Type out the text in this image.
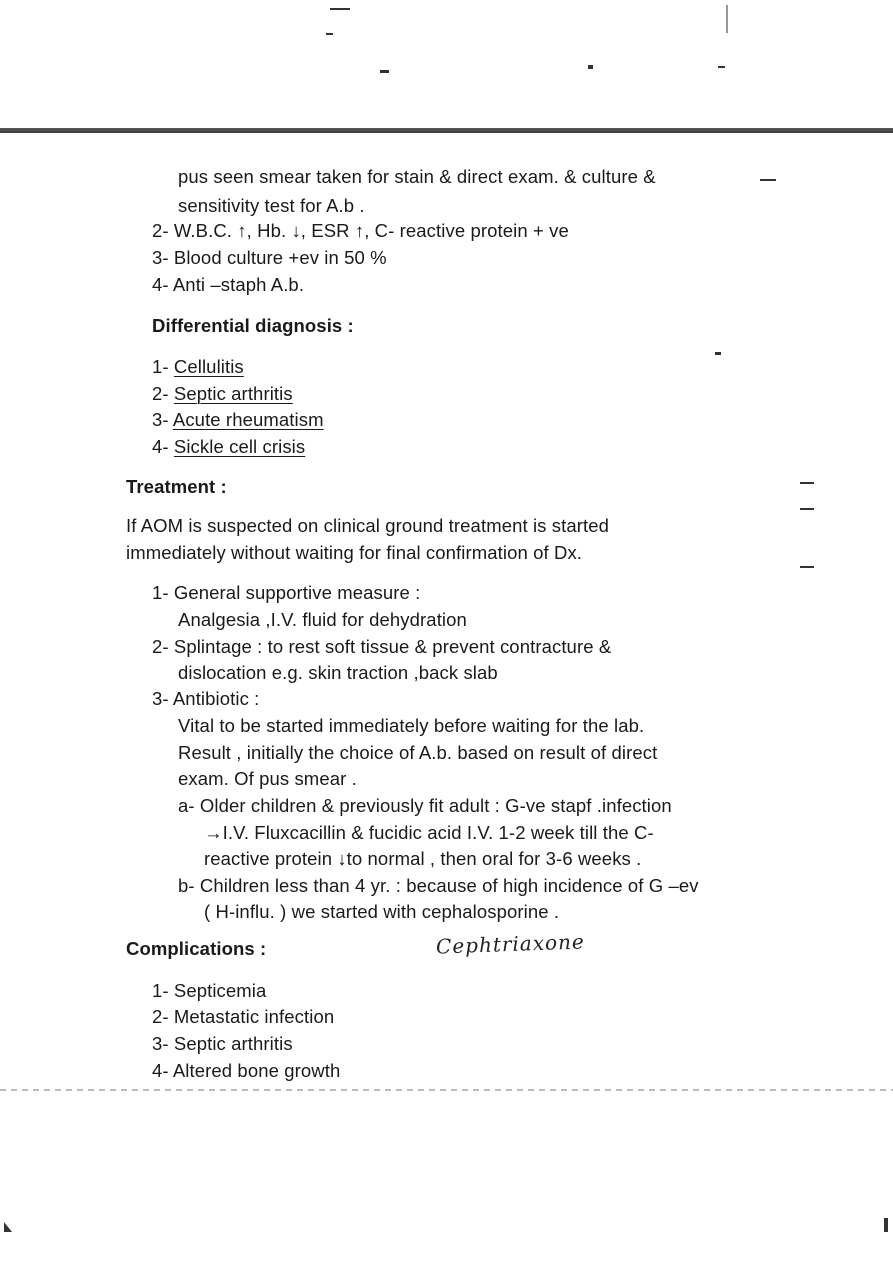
pus seen smear taken for stain & direct exam. & culture &
sensitivity test for A.b .
2- W.B.C. ↑, Hb. ↓, ESR ↑, C- reactive protein + ve
3- Blood culture +ev in 50 %
4- Anti –staph A.b.
Differential diagnosis :
1- Cellulitis
2- Septic arthritis
3- Acute rheumatism
4- Sickle cell crisis
Treatment :
If AOM is suspected on clinical ground treatment is started
immediately without waiting for final confirmation of Dx.
1- General supportive measure :
Analgesia ,I.V. fluid for dehydration
2- Splintage : to rest soft tissue & prevent contracture &
dislocation e.g. skin traction ,back slab
3- Antibiotic :
Vital to be started immediately before waiting for the lab.
Result , initially the choice of A.b. based on result of direct
exam. Of pus smear .
a- Older children & previously fit adult : G-ve stapf .infection
→I.V. Fluxcacillin & fucidic acid I.V. 1-2 week till the C-
reactive protein ↓to normal , then oral for 3-6 weeks .
b- Children less than 4 yr. : because of high incidence of G –ev
( H-influ. ) we started with cephalosporine .
Complications :	Cephtriaxone
1- Septicemia
2- Metastatic infection
3- Septic arthritis
4- Altered bone growth
